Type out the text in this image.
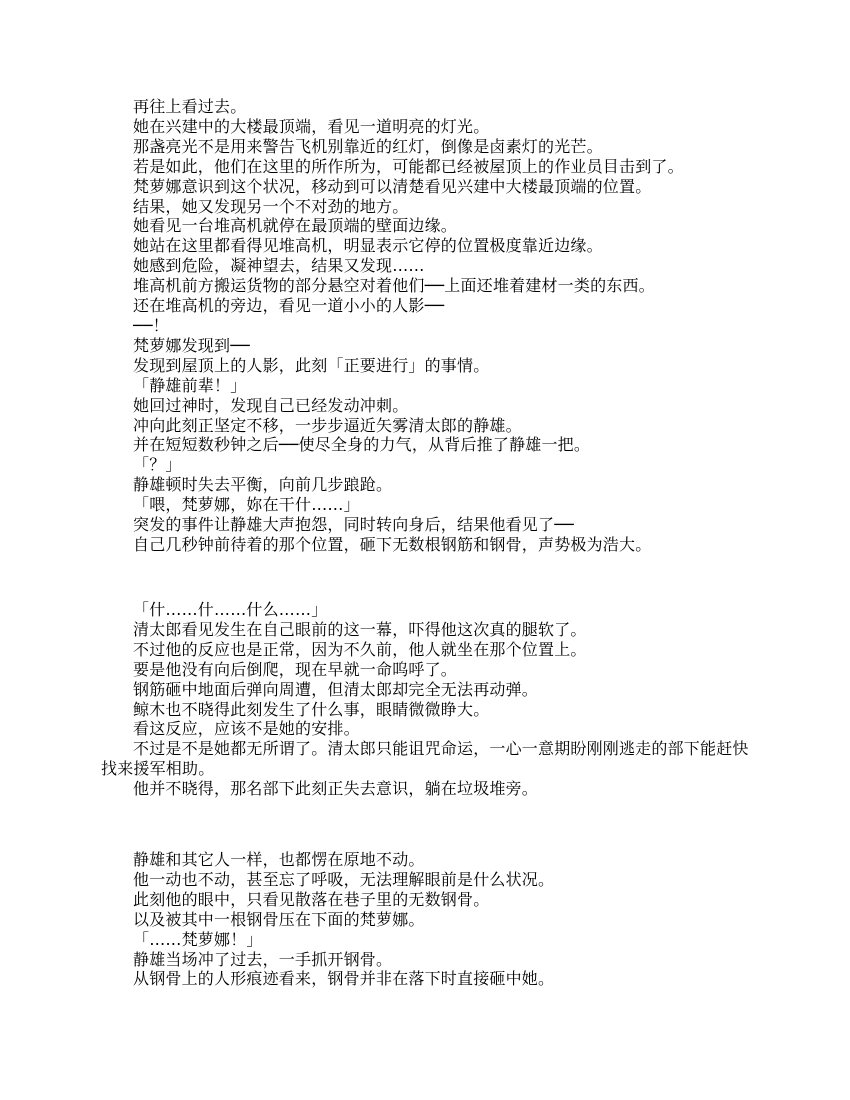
再往上看过去。

她在兴建中的大楼最顶端，看见一道明亮的灯光。

那盏亮光不是用来警告飞机别靠近的红灯，倒像是卤素灯的光芒。

若是如此，他们在这里的所作所为，可能都已经被屋顶上的作业员目击到了。

梵萝娜意识到这个状况，移动到可以清楚看见兴建中大楼最顶端的位置。

结果，她又发现另一个不对劲的地方。

她看见一台堆高机就停在最顶端的壁面边缘。

她站在这里都看得见堆高机，明显表示它停的位置极度靠近边缘。

她感到危险，凝神望去，结果又发现……

堆高机前方搬运货物的部分悬空对着他们──上面还堆着建材一类的东西。

还在堆高机的旁边，看见一道小小的人影──

──！

梵萝娜发现到──

发现到屋顶上的人影，此刻「正要进行」的事情。

「静雄前辈！」

她回过神时，发现自己已经发动冲刺。

冲向此刻正坚定不移，一步步逼近矢雾清太郎的静雄。

并在短短数秒钟之后──使尽全身的力气，从背后推了静雄一把。

「？」

静雄顿时失去平衡，向前几步踉跄。

「喂，梵萝娜，妳在干什……」

突发的事件让静雄大声抱怨，同时转向身后，结果他看见了──

自己几秒钟前待着的那个位置，砸下无数根钢筋和钢骨，声势极为浩大。

「什……什……什么……」

清太郎看见发生在自己眼前的这一幕，吓得他这次真的腿软了。

不过他的反应也是正常，因为不久前，他人就坐在那个位置上。

要是他没有向后倒爬，现在早就一命呜呼了。

钢筋砸中地面后弹向周遭，但清太郎却完全无法再动弹。

鲸木也不晓得此刻发生了什么事，眼睛微微睁大。

看这反应，应该不是她的安排。

不过是不是她都无所谓了。清太郎只能诅咒命运，一心一意期盼刚刚逃走的部下能赶快找来援军相助。

他并不晓得，那名部下此刻正失去意识，躺在垃圾堆旁。

静雄和其它人一样，也都愣在原地不动。

他一动也不动，甚至忘了呼吸，无法理解眼前是什么状况。

此刻他的眼中，只看见散落在巷子里的无数钢骨。

以及被其中一根钢骨压在下面的梵萝娜。

「……梵萝娜！」

静雄当场冲了过去，一手抓开钢骨。

从钢骨上的人形痕迹看来，钢骨并非在落下时直接砸中她。
